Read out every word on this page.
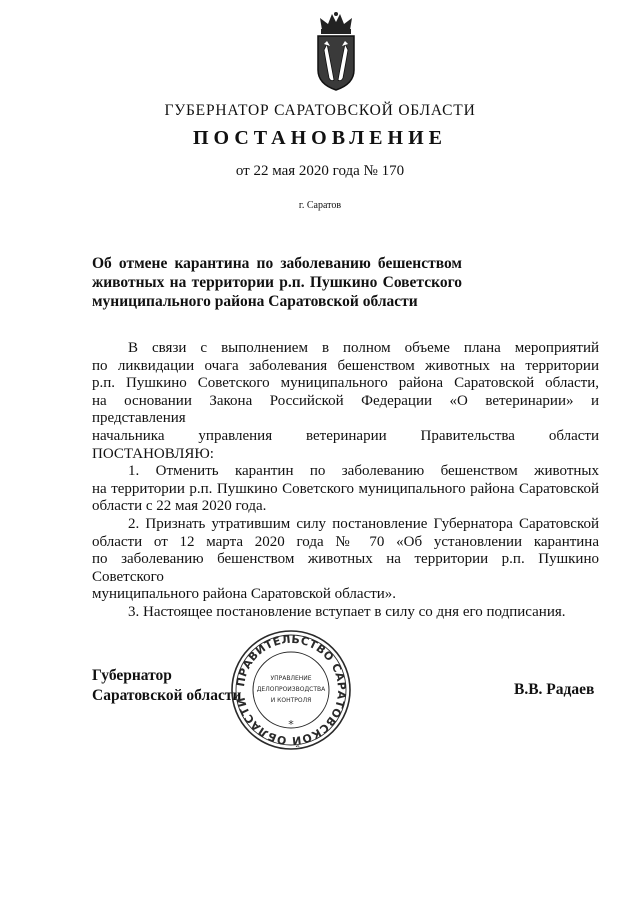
ГУБЕРНАТОР САРАТОВСКОЙ ОБЛАСТИ
ПОСТАНОВЛЕНИЕ
от 22 мая 2020 года № 170
г. Саратов
Об отмене карантина по заболеванию бешенством
животных на территории р.п. Пушкино Советского
муниципального района Саратовской области
В связи с выполнением в полном объеме плана мероприятий
по ликвидации очага заболевания бешенством животных на территории
р.п. Пушкино Советского муниципального района Саратовской области,
на основании Закона Российской Федерации «О ветеринарии» и представления
начальника управления ветеринарии Правительства области ПОСТАНОВЛЯЮ:
1. Отменить карантин по заболеванию бешенством животных
на территории р.п. Пушкино Советского муниципального района Саратовской
области с 22 мая 2020 года.
2. Признать утратившим силу постановление Губернатора Саратовской
области от 12 марта 2020 года № 70 «Об установлении карантина
по заболеванию бешенством животных на территории р.п. Пушкино Советского
муниципального района Саратовской области».
3. Настоящее постановление вступает в силу со дня его подписания.
Губернатор
Саратовской области	В.В. Радаев
ПРАВИТЕЛЬСТВО САРАТОВСКОЙ ОБЛАСТИ
УПРАВЛЕНИЕ
ДЕЛОПРОИЗВОДСТВА
И КОНТРОЛЯ
*
